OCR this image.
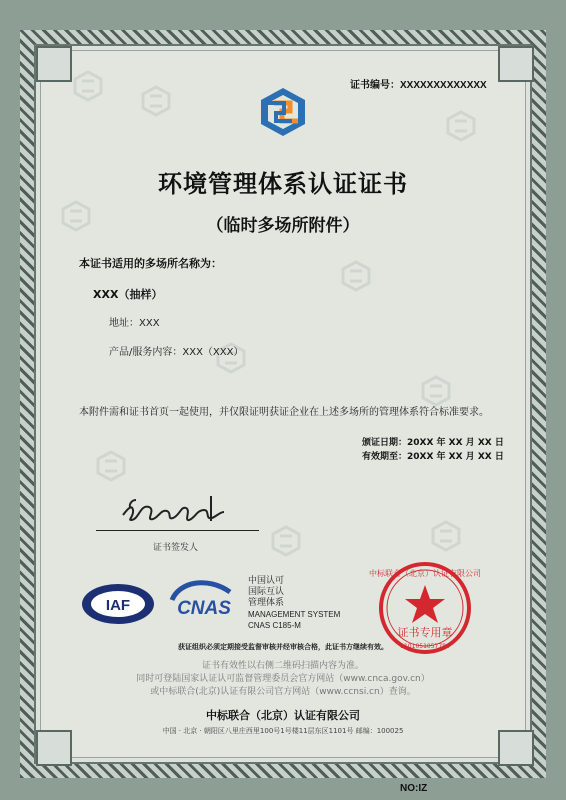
证书编号：XXXXXXXXXXXXX
环境管理体系认证证书
（临时多场所附件）
本证书适用的多场所名称为：
XXX（抽样）
地址：XXX
产品/服务内容：XXX（XXX）
本附件需和证书首页一起使用，并仅限证明获证企业在上述多场所的管理体系符合标准要求。
颁证日期：20XX 年 XX 月 XX 日
有效期至：20XX 年 XX 月 XX 日
证书签发人
IAF CNAS
中国认可
国际互认
管理体系
MANAGEMENT SYSTEM
CNAS C185-M
中标联合（北京）认证有限公司
证书专用章
1101051057784
获证组织必须定期接受监督审核并经审核合格，此证书方继续有效。
证书有效性以右侧二维码扫描内容为准。
同时可登陆国家认证认可监督管理委员会官方网站（www.cnca.gov.cn）
或中标联合(北京)认证有限公司官方网站（www.ccnsi.cn）查询。
中标联合（北京）认证有限公司
中国 · 北京 · 朝阳区八里庄西里100号1号楼11层东区1101号 邮编：100025
NO:IZ
